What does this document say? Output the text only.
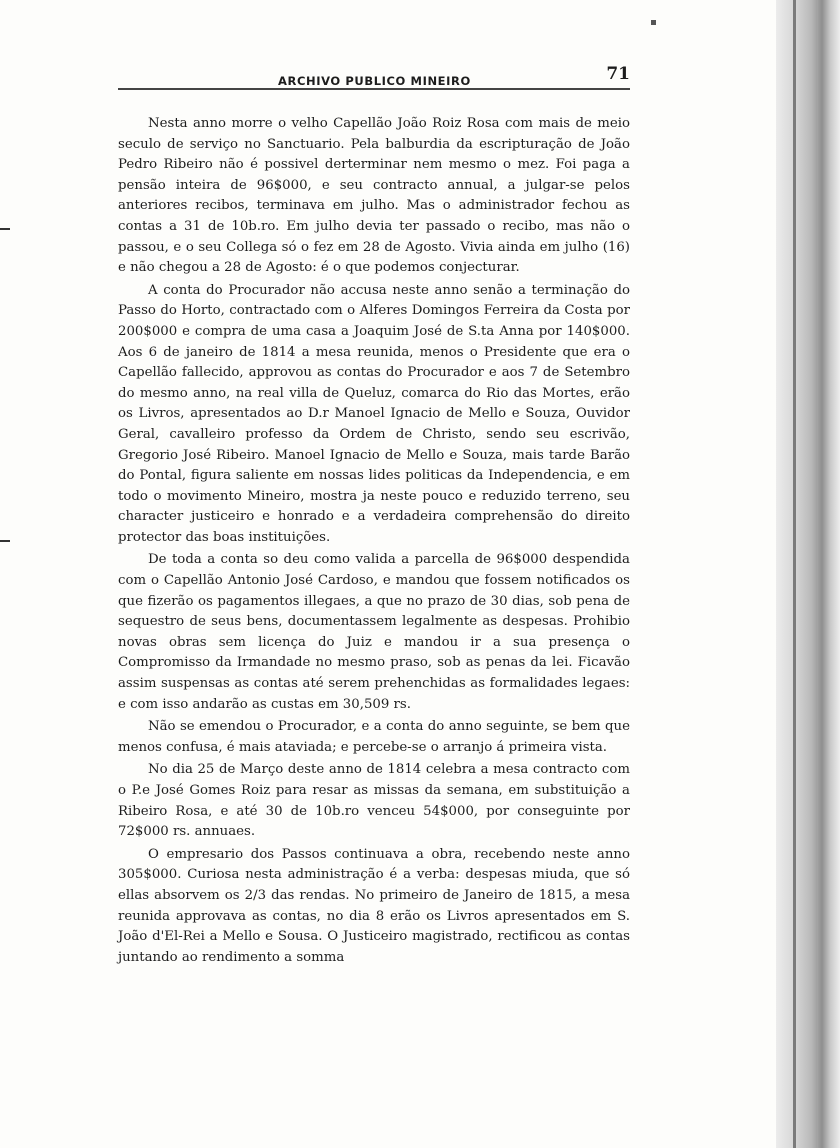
ARCHIVO PUBLICO MINEIRO	71

Nesta anno morre o velho Capellão João Roiz Rosa com mais de meio seculo de serviço no Sanctuario. Pela balburdia da escripturação de João Pedro Ribeiro não é possivel derterminar nem mesmo o mez. Foi paga a pensão inteira de 96$000, e seu contracto annual, a julgar-se pelos anteriores recibos, terminava em julho. Mas o administrador fechou as contas a 31 de 10b.ro. Em julho devia ter passado o recibo, mas não o passou, e o seu Collega só o fez em 28 de Agosto. Vivia ainda em julho (16) e não chegou a 28 de Agosto: é o que podemos conjecturar.

A conta do Procurador não accusa neste anno senão a terminação do Passo do Horto, contractado com o Alferes Domingos Ferreira da Costa por 200$000 e compra de uma casa a Joaquim José de S.ta Anna por 140$000. Aos 6 de janeiro de 1814 a mesa reunida, menos o Presidente que era o Capellão fallecido, approvou as contas do Procurador e aos 7 de Setembro do mesmo anno, na real villa de Queluz, comarca do Rio das Mortes, erão os Livros, apresentados ao D.r Manoel Ignacio de Mello e Souza, Ouvidor Geral, cavalleiro professo da Ordem de Christo, sendo seu escrivão, Gregorio José Ribeiro. Manoel Ignacio de Mello e Souza, mais tarde Barão do Pontal, figura saliente em nossas lides politicas da Independencia, e em todo o movimento Mineiro, mostra ja neste pouco e reduzido terreno, seu character justiceiro e honrado e a verdadeira comprehensão do direito protector das boas instituições.

De toda a conta so deu como valida a parcella de 96$000 despendida com o Capellão Antonio José Cardoso, e mandou que fossem notificados os que fizerão os pagamentos illegaes, a que no prazo de 30 dias, sob pena de sequestro de seus bens, documentassem legalmente as despesas. Prohibio novas obras sem licença do Juiz e mandou ir a sua presença o Compromisso da Irmandade no mesmo praso, sob as penas da lei. Ficavão assim suspensas as contas até serem prehenchidas as formalidades legaes: e com isso andarão as custas em 30,509 rs.

Não se emendou o Procurador, e a conta do anno seguinte, se bem que menos confusa, é mais ataviada; e percebe-se o arranjo á primeira vista.

No dia 25 de Março deste anno de 1814 celebra a mesa contracto com o P.e José Gomes Roiz para resar as missas da semana, em substituição a Ribeiro Rosa, e até 30 de 10b.ro venceu 54$000, por conseguinte por 72$000 rs. annuaes.

O empresario dos Passos continuava a obra, recebendo neste anno 305$000. Curiosa nesta administração é a verba: despesas miuda, que só ellas absorvem os 2/3 das rendas. No primeiro de Janeiro de 1815, a mesa reunida approvava as contas, no dia 8 erão os Livros apresentados em S. João d'El-Rei a Mello e Sousa. O Justiceiro magistrado, rectificou as contas juntando ao rendimento a somma
